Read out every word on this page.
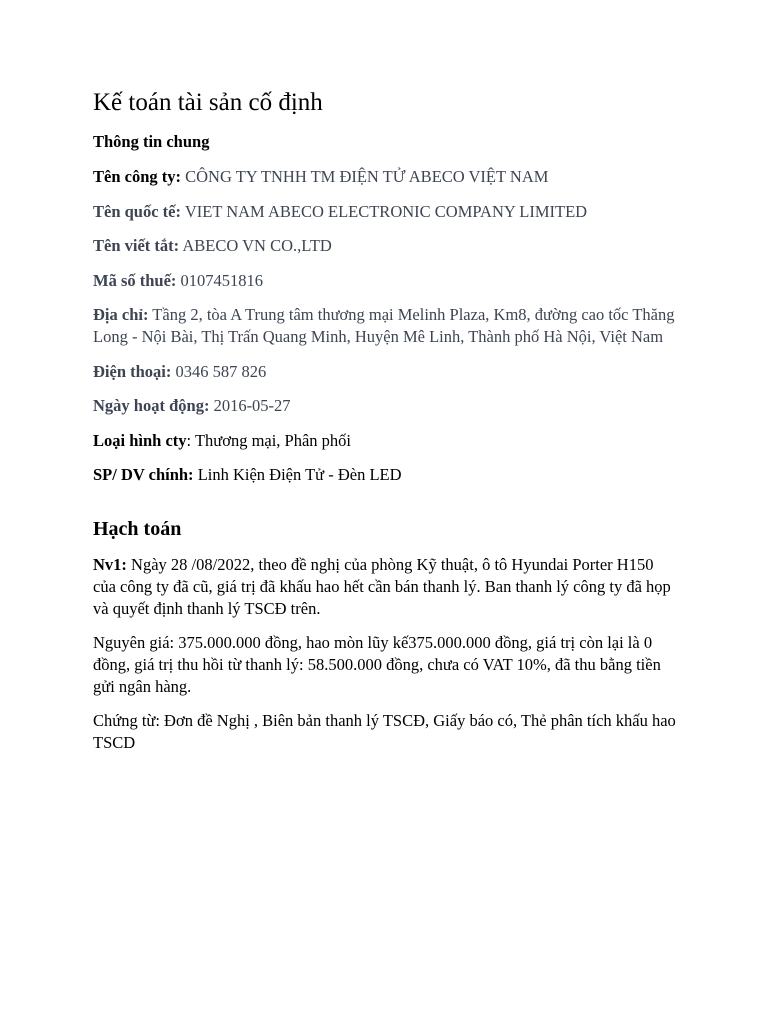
Kế toán tài sản cố định
Thông tin chung
Tên công ty: CÔNG TY TNHH TM ĐIỆN TỬ ABECO VIỆT NAM
Tên quốc tế: VIET NAM ABECO ELECTRONIC COMPANY LIMITED
Tên viết tắt: ABECO VN CO.,LTD
Mã số thuế: 0107451816
Địa chỉ: Tầng 2, tòa A Trung tâm thương mại Melinh Plaza, Km8, đường cao tốc Thăng Long - Nội Bài, Thị Trấn Quang Minh, Huyện Mê Linh, Thành phố Hà Nội, Việt Nam
Điện thoại: 0346 587 826
Ngày hoạt động: 2016-05-27
Loại hình cty: Thương mại, Phân phối
SP/ DV chính: Linh Kiện Điện Tử - Đèn LED
Hạch toán

Nv1: Ngày 28 /08/2022, theo đề nghị của phòng Kỹ thuật, ô tô Hyundai Porter H150 của công ty đã cũ, giá trị đã khấu hao hết cần bán thanh lý. Ban thanh lý công ty đã họp và quyết định thanh lý TSCĐ trên.

Nguyên giá: 375.000.000 đồng, hao mòn lũy kế375.000.000 đồng, giá trị còn lại là 0 đồng, giá trị thu hồi từ thanh lý: 58.500.000 đồng, chưa có VAT 10%, đã thu bằng tiền gửi ngân hàng.

Chứng từ: Đơn đề Nghị , Biên bản thanh lý TSCĐ, Giấy báo có, Thẻ phân tích khấu hao TSCD
